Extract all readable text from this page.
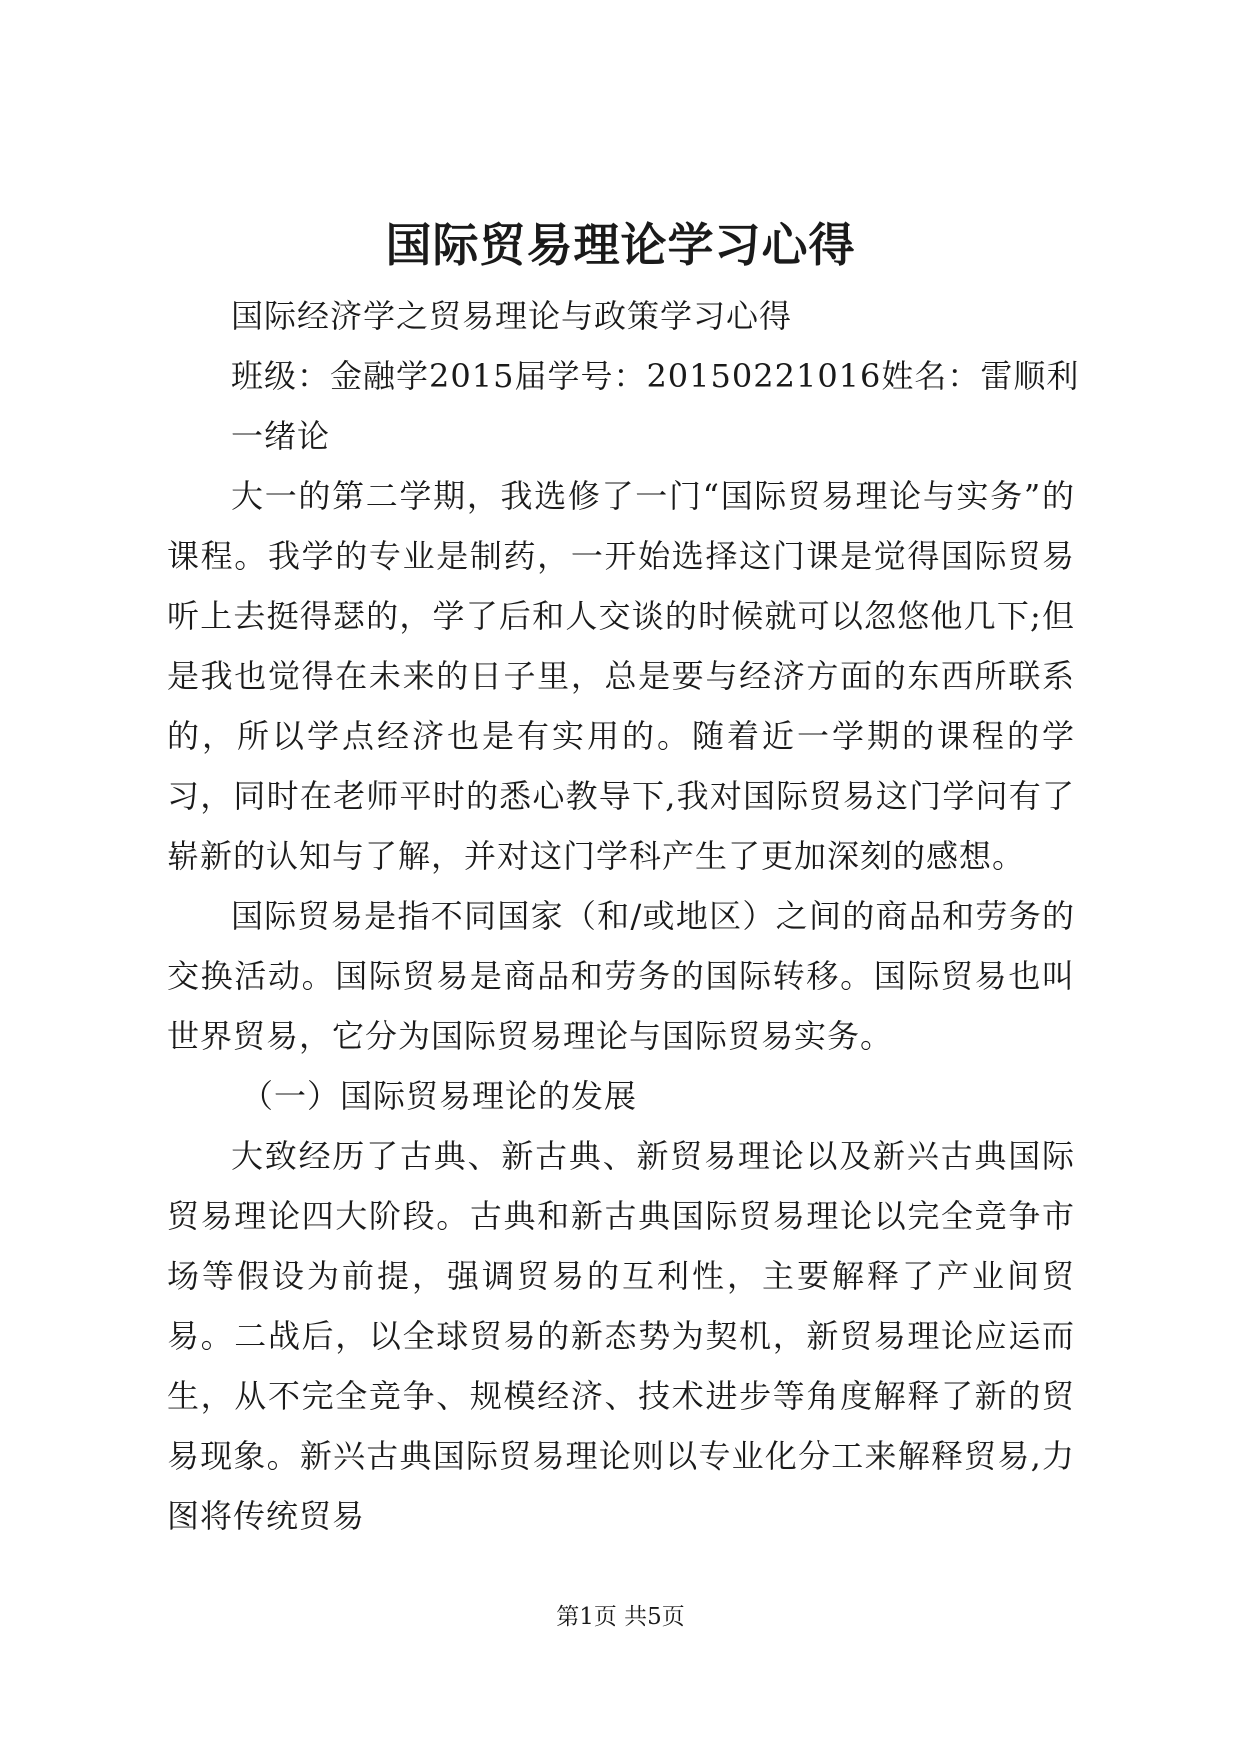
国际贸易理论学习心得
国际经济学之贸易理论与政策学习心得
班级：金融学2015届学号：20150221016姓名：雷顺利
一绪论
大一的第二学期，我选修了一门“国际贸易理论与实务”的课程。我学的专业是制药，一开始选择这门课是觉得国际贸易听上去挺得瑟的，学了后和人交谈的时候就可以忽悠他几下;但是我也觉得在未来的日子里，总是要与经济方面的东西所联系的，所以学点经济也是有实用的。随着近一学期的课程的学习，同时在老师平时的悉心教导下,我对国际贸易这门学问有了崭新的认知与了解，并对这门学科产生了更加深刻的感想。
国际贸易是指不同国家（和/或地区）之间的商品和劳务的交换活动。国际贸易是商品和劳务的国际转移。国际贸易也叫世界贸易，它分为国际贸易理论与国际贸易实务。
（一）国际贸易理论的发展
大致经历了古典、新古典、新贸易理论以及新兴古典国际贸易理论四大阶段。古典和新古典国际贸易理论以完全竞争市场等假设为前提，强调贸易的互利性，主要解释了产业间贸易。二战后，以全球贸易的新态势为契机，新贸易理论应运而生，从不完全竞争、规模经济、技术进步等角度解释了新的贸易现象。新兴古典国际贸易理论则以专业化分工来解释贸易,力图将传统贸易
第1页 共5页
